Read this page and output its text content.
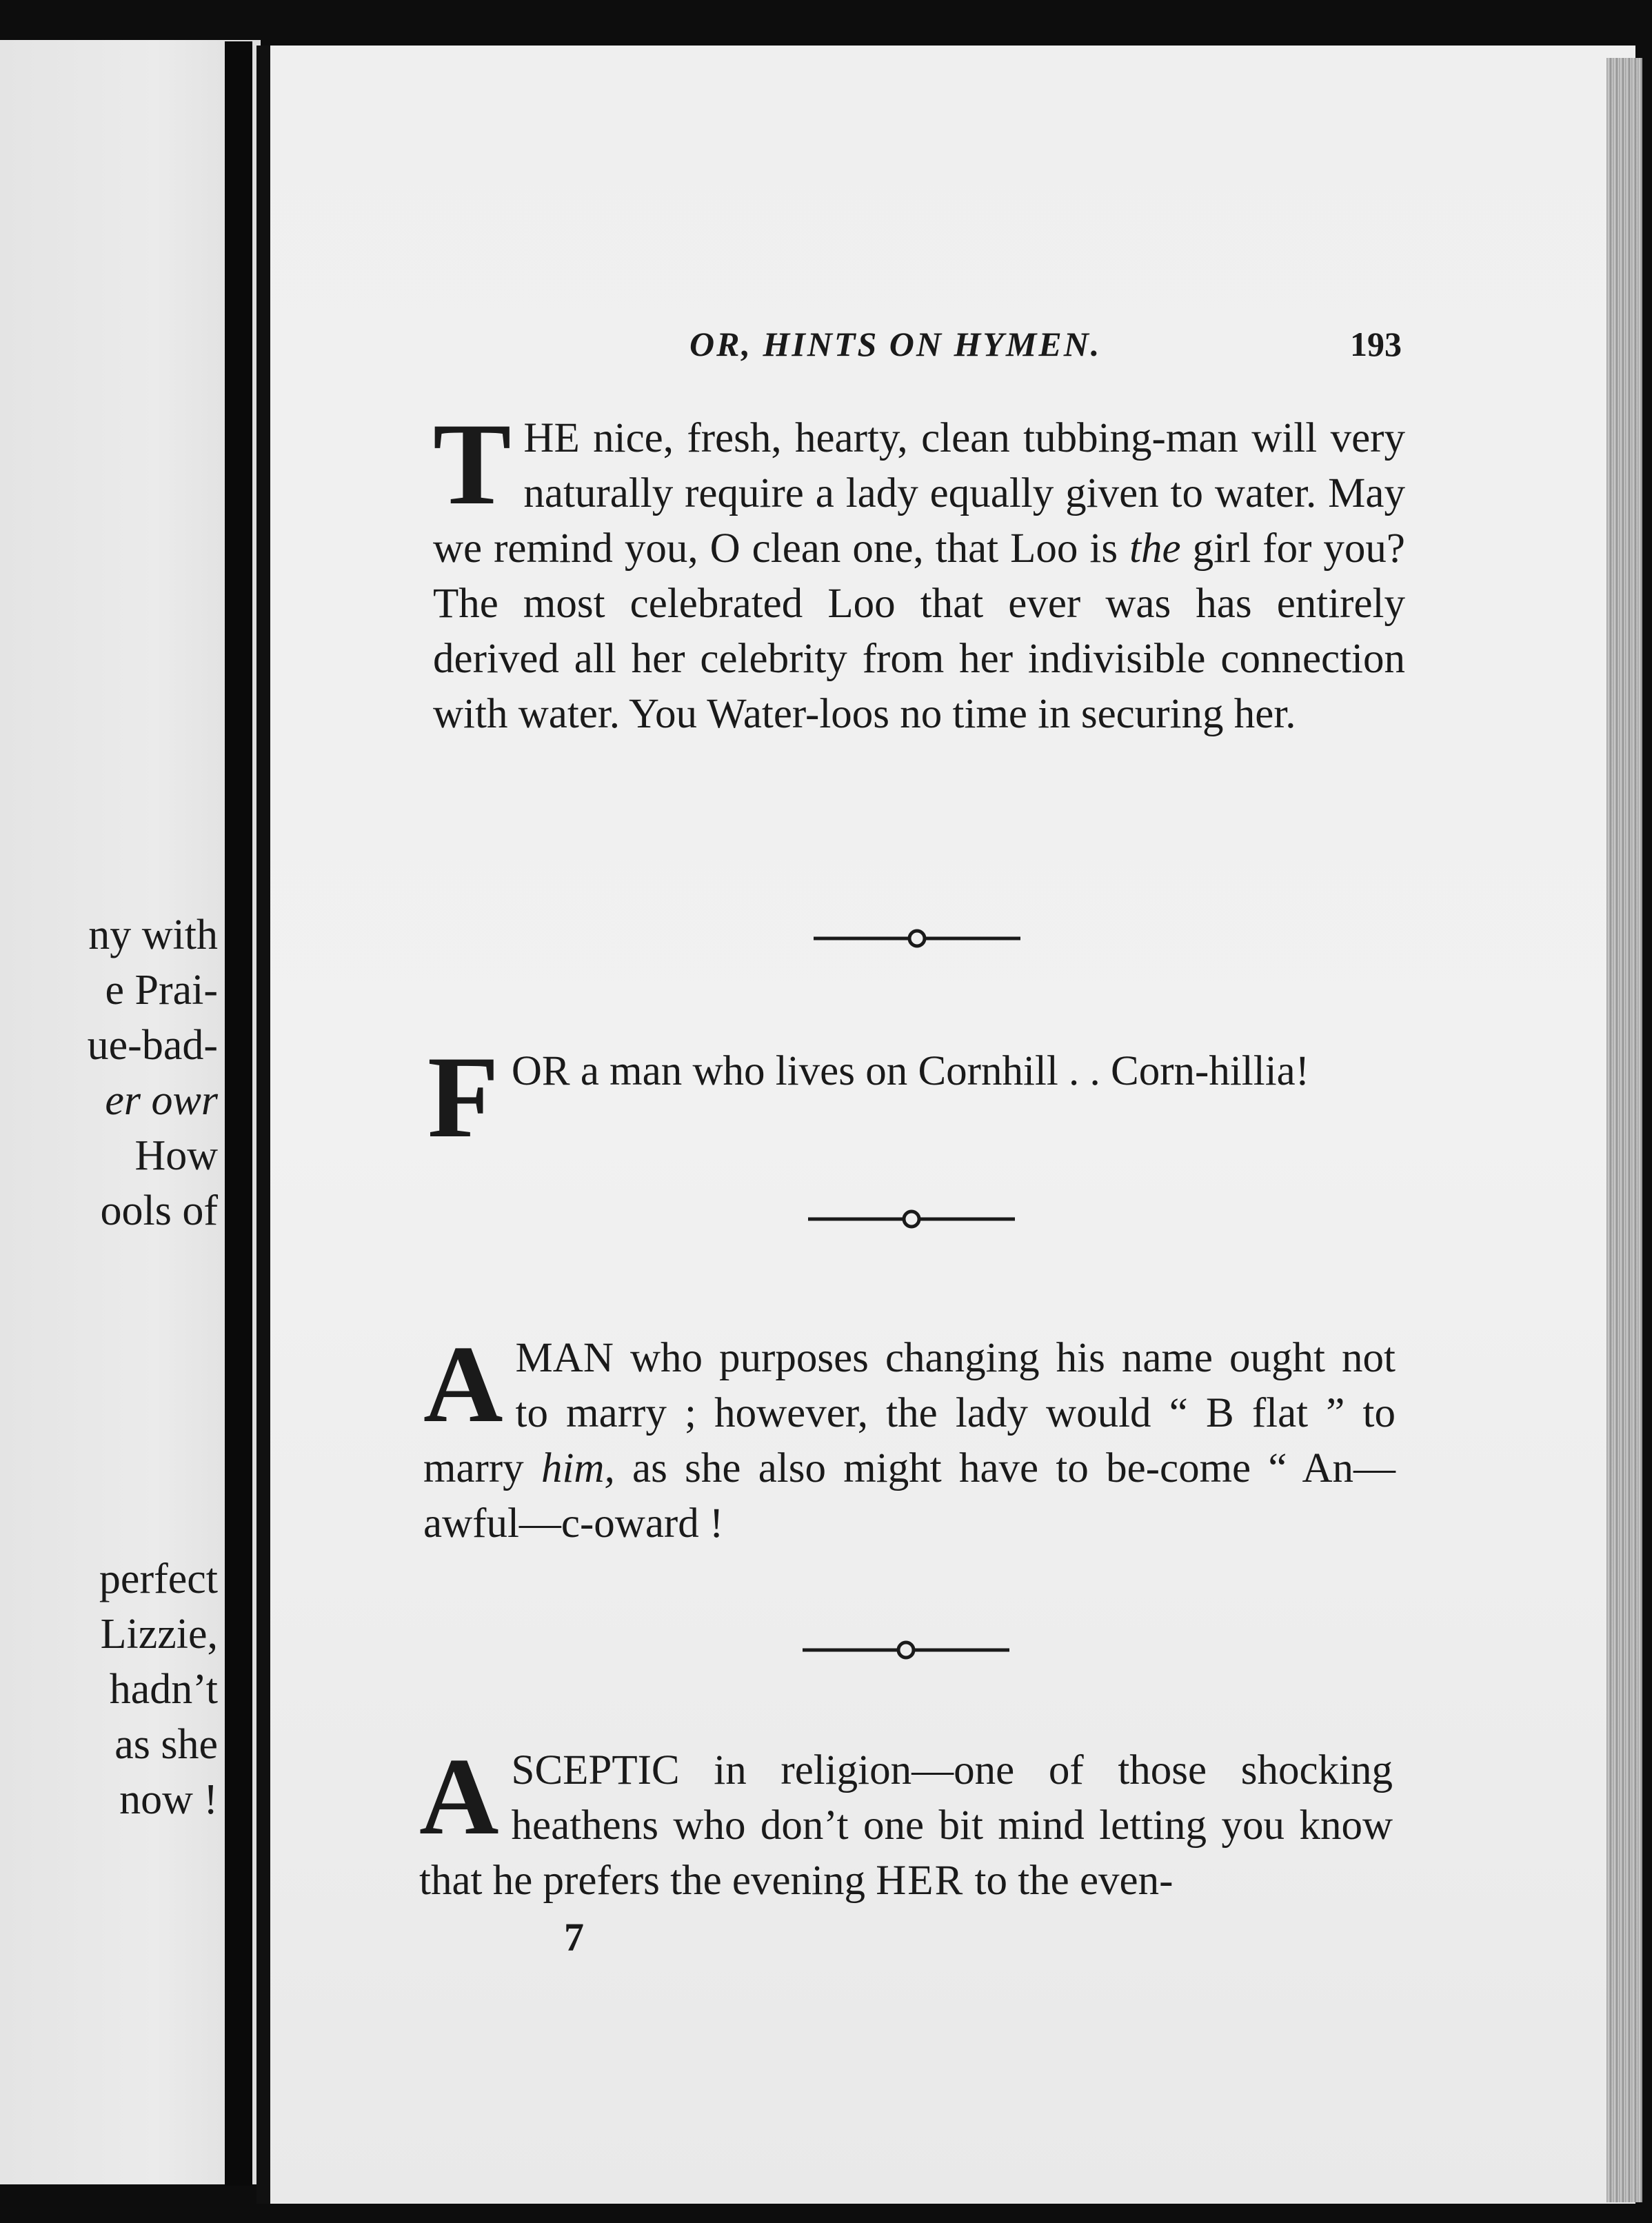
ny with
e Prai-
ue-bad-
er owr
How
ools of
perfect
Lizzie,
hadn’t
as she
now !
OR, HINTS ON HYMEN.	193

THE nice, fresh, hearty, clean tubbing-man will very naturally require a lady equally given to water. May we remind you, O clean one, that Loo is the girl for you? The most celebrated Loo that ever was has entirely derived all her celebrity from her indivisible connection with water. You Water-loos no time in securing her.

FOR a man who lives on Cornhill . . Corn-hillia!

AMAN who purposes changing his name ought not to marry ; however, the lady would “ B flat ” to marry him, as she also might have to be-come “ An—awful—c-oward !

ASCEPTIC in religion—one of those shocking heathens who don’t one bit mind letting you know that he prefers the evening HER to the even-

7
